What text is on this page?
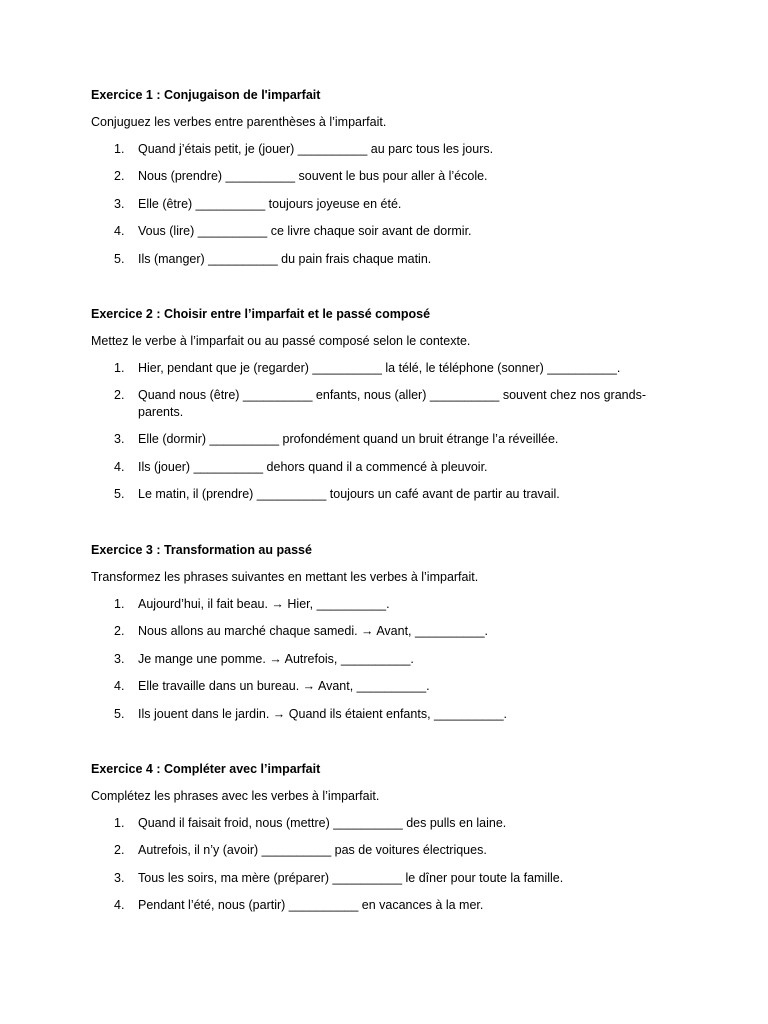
Exercice 1 : Conjugaison de l'imparfait

Conjuguez les verbes entre parenthèses à l’imparfait.

1. Quand j’étais petit, je (jouer) __________ au parc tous les jours.
2. Nous (prendre) __________ souvent le bus pour aller à l’école.
3. Elle (être) __________ toujours joyeuse en été.
4. Vous (lire) __________ ce livre chaque soir avant de dormir.
5. Ils (manger) __________ du pain frais chaque matin.

Exercice 2 : Choisir entre l’imparfait et le passé composé

Mettez le verbe à l’imparfait ou au passé composé selon le contexte.

1. Hier, pendant que je (regarder) __________ la télé, le téléphone (sonner) __________.
2. Quand nous (être) __________ enfants, nous (aller) __________ souvent chez nos grands-parents.
3. Elle (dormir) __________ profondément quand un bruit étrange l’a réveillée.
4. Ils (jouer) __________ dehors quand il a commencé à pleuvoir.
5. Le matin, il (prendre) __________ toujours un café avant de partir au travail.

Exercice 3 : Transformation au passé

Transformez les phrases suivantes en mettant les verbes à l’imparfait.

1. Aujourd’hui, il fait beau. → Hier, __________.
2. Nous allons au marché chaque samedi. → Avant, __________.
3. Je mange une pomme. → Autrefois, __________.
4. Elle travaille dans un bureau. → Avant, __________.
5. Ils jouent dans le jardin. → Quand ils étaient enfants, __________.

Exercice 4 : Compléter avec l’imparfait

Complétez les phrases avec les verbes à l’imparfait.

1. Quand il faisait froid, nous (mettre) __________ des pulls en laine.
2. Autrefois, il n’y (avoir) __________ pas de voitures électriques.
3. Tous les soirs, ma mère (préparer) __________ le dîner pour toute la famille.
4. Pendant l’été, nous (partir) __________ en vacances à la mer.
